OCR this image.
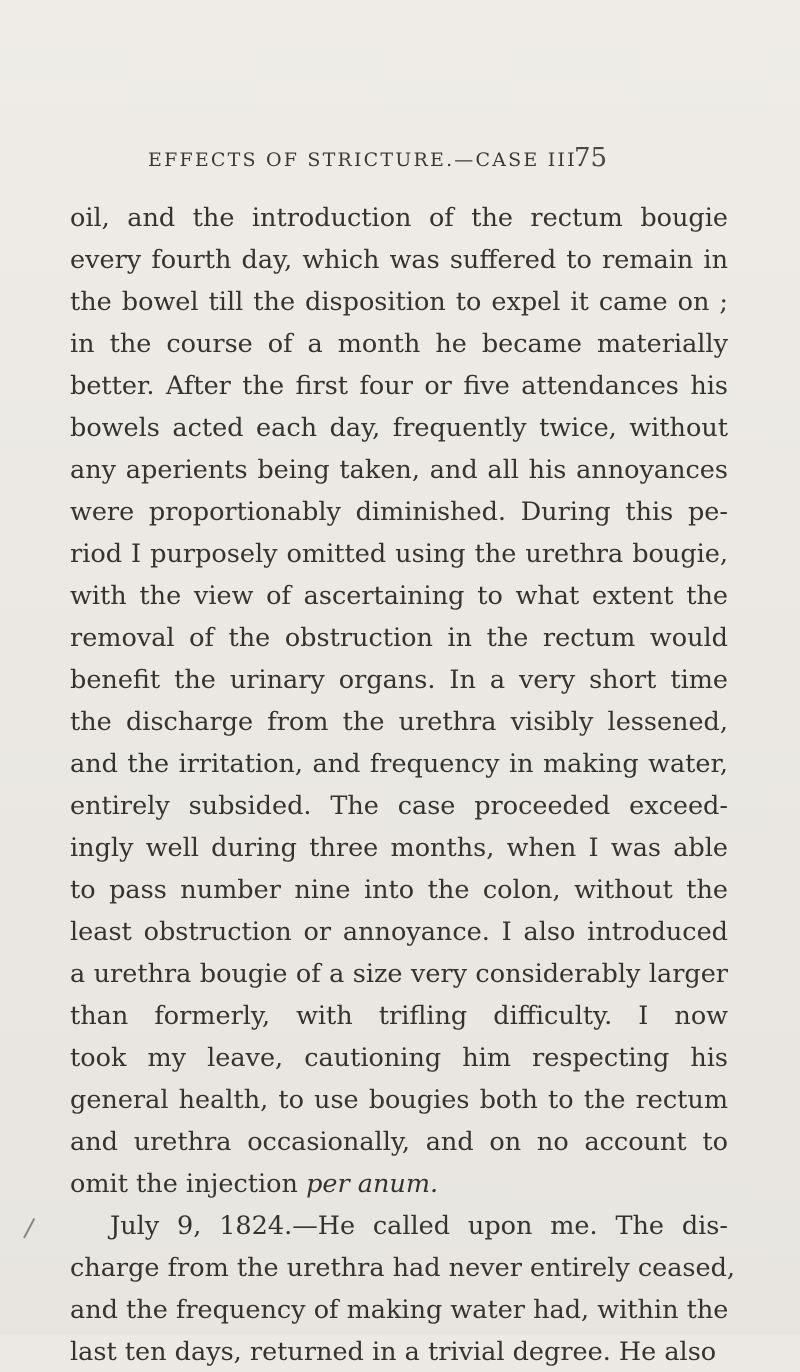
EFFECTS OF STRICTURE.—CASE III.
75
oil, and the introduction of the rectum bougie
every fourth day, which was suffered to remain in
the bowel till the disposition to expel it came on ;
in the course of a month he became materially
better. After the first four or five attendances his
bowels acted each day, frequently twice, without
any aperients being taken, and all his annoyances
were proportionably diminished. During this pe-
riod I purposely omitted using the urethra bougie,
with the view of ascertaining to what extent the
removal of the obstruction in the rectum would
benefit the urinary organs. In a very short time
the discharge from the urethra visibly lessened,
and the irritation, and frequency in making water,
entirely subsided. The case proceeded exceed-
ingly well during three months, when I was able
to pass number nine into the colon, without the
least obstruction or annoyance. I also introduced
a urethra bougie of a size very considerably larger
than formerly, with trifling difficulty. I now
took my leave, cautioning him respecting his
general health, to use bougies both to the rectum
and urethra occasionally, and on no account to
omit the injection per anum.
July 9, 1824.—He called upon me. The dis-
charge from the urethra had never entirely ceased,
and the frequency of making water had, within the
last ten days, returned in a trivial degree. He also
